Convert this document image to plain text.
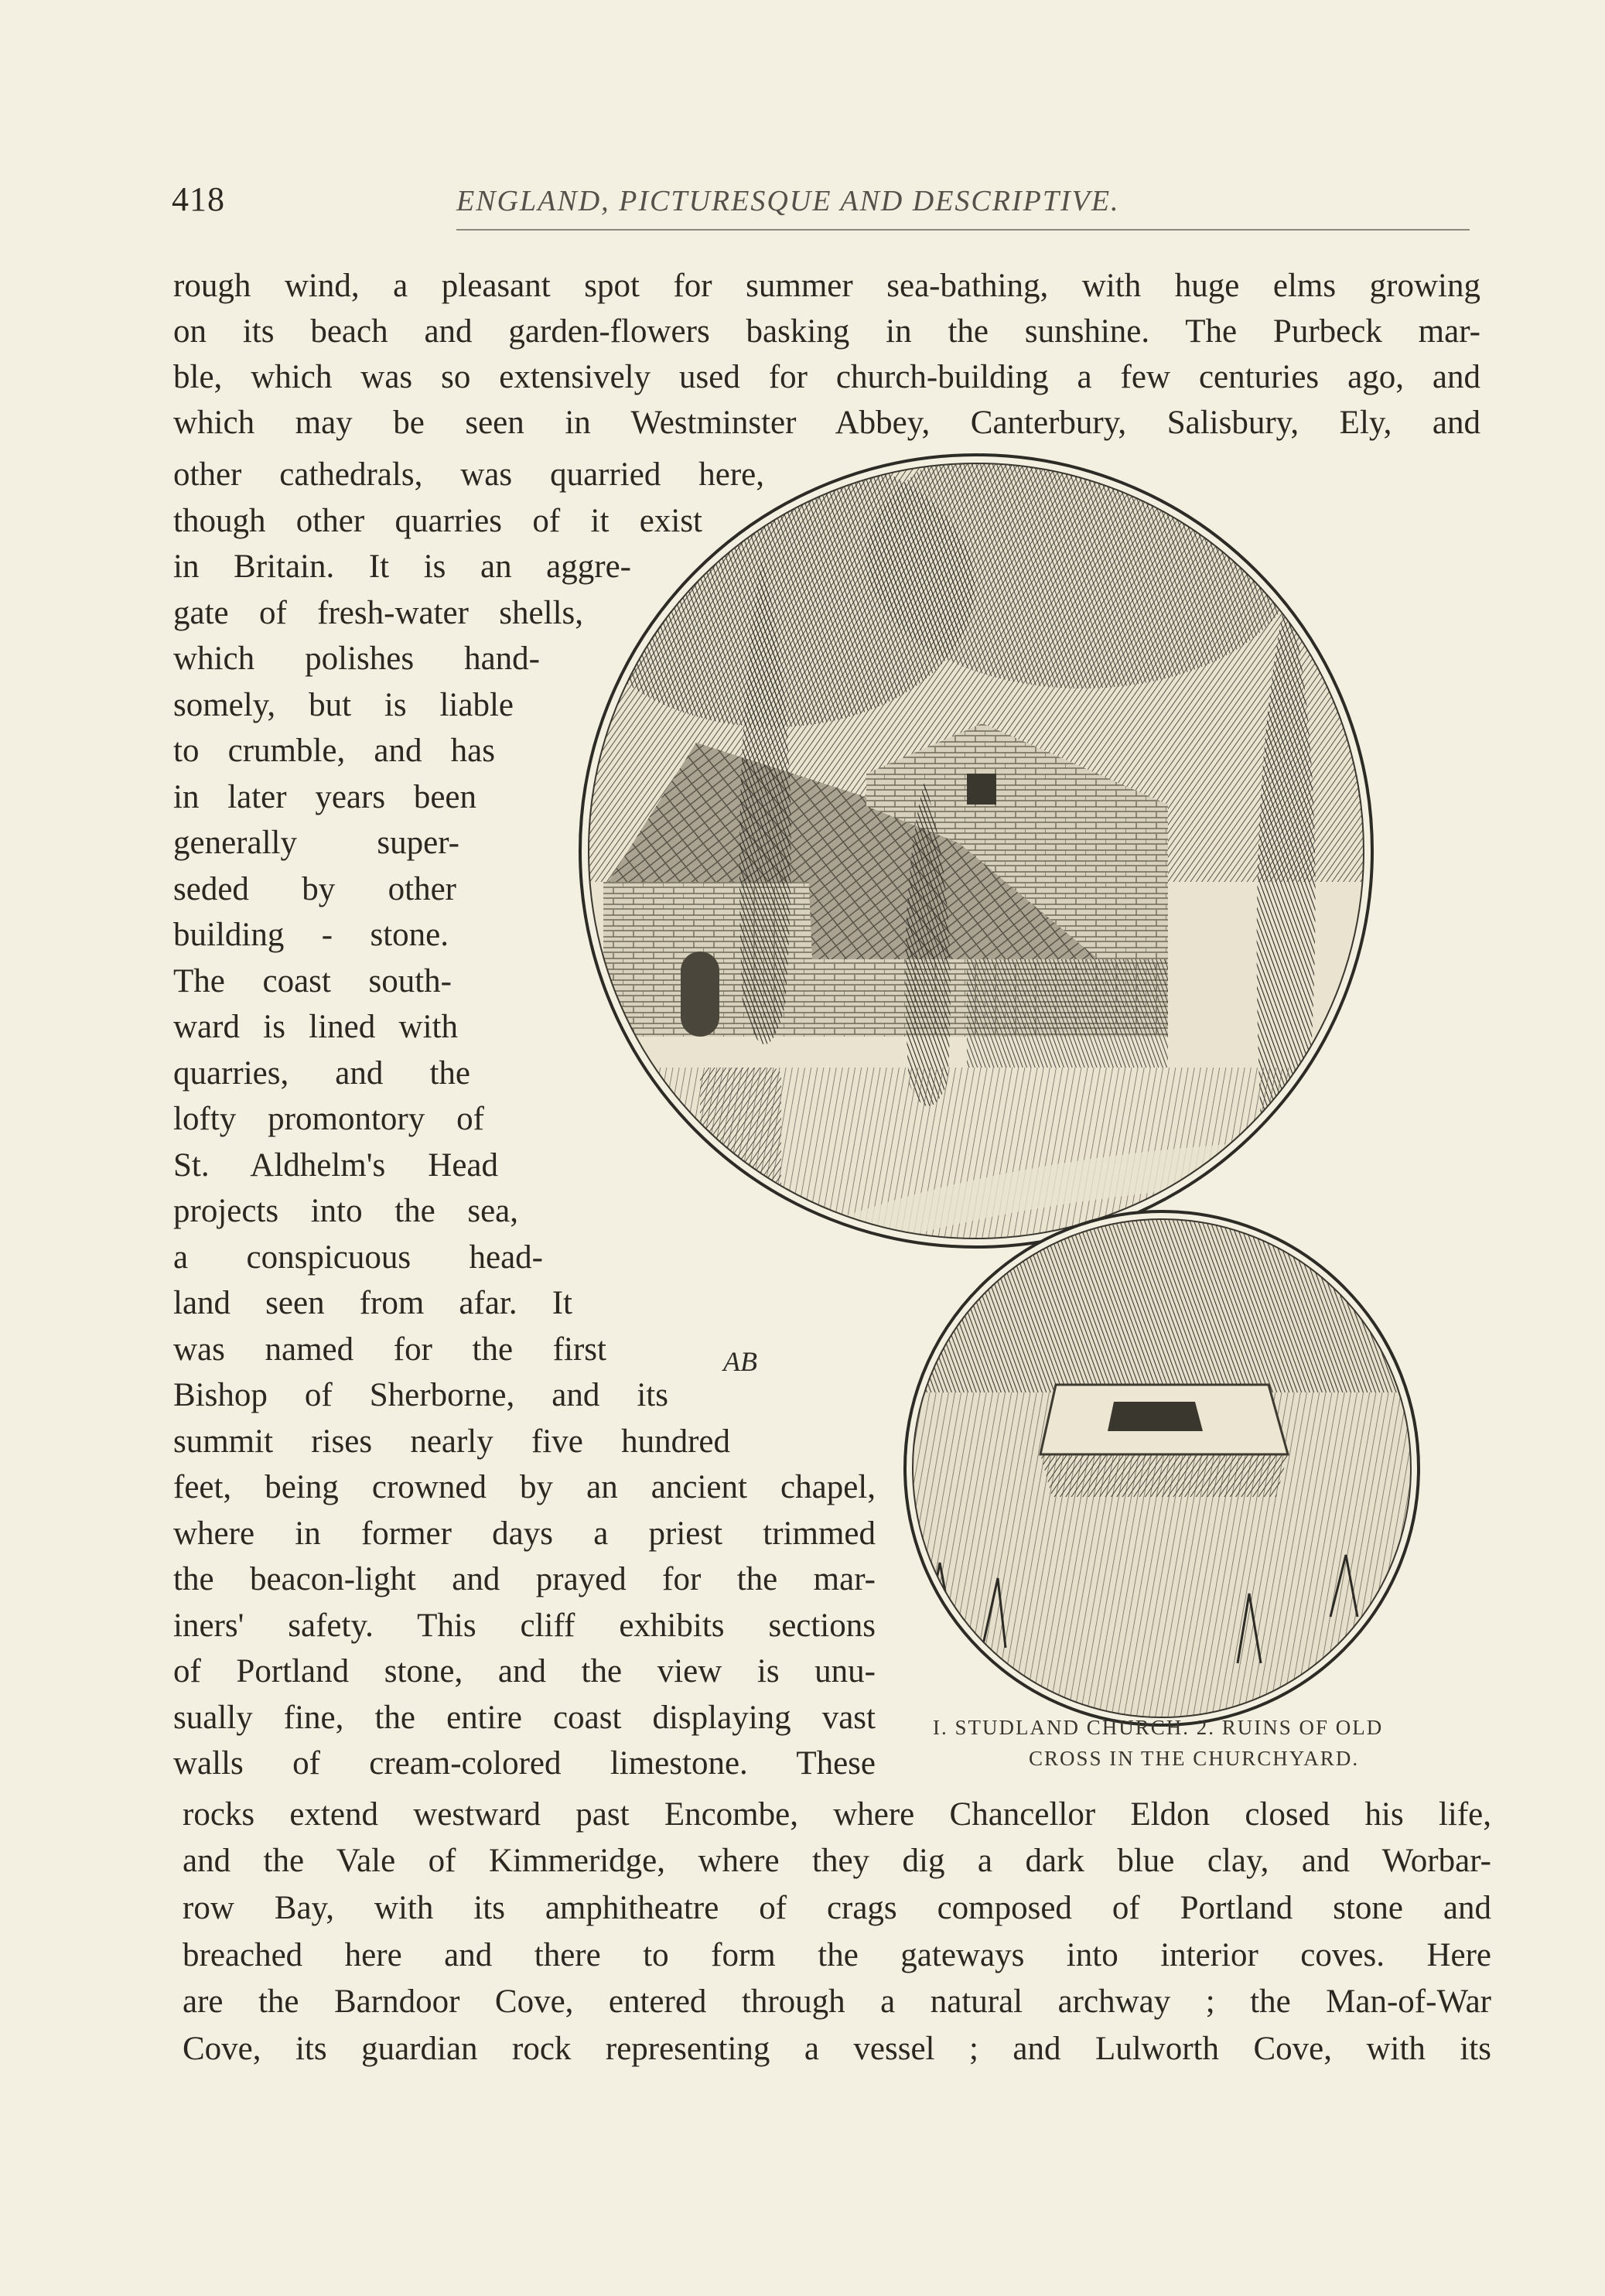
418	ENGLAND, PICTURESQUE AND DESCRIPTIVE.
AB
rough wind, a pleasant spot for summer sea-bathing, with huge elms growing
on its beach and garden-flowers basking in the sunshine. The Purbeck mar-
ble, which was so extensively used for church-building a few centuries ago, and
which may be seen in Westminster Abbey, Canterbury, Salisbury, Ely, and
other cathedrals, was quarried here,
though other quarries of it exist
in Britain. It is an aggre-
gate of fresh-water shells,
which polishes hand-
somely, but is liable
to crumble, and has
in later years been
generally super-
seded by other
building - stone.
The coast south-
ward is lined with
quarries, and the
lofty promontory of
St. Aldhelm's Head
projects into the sea,
a conspicuous head-
land seen from afar. It
was named for the first
Bishop of Sherborne, and its
summit rises nearly five hundred
feet, being crowned by an ancient chapel,
where in former days a priest trimmed
the beacon-light and prayed for the mar-
iners' safety. This cliff exhibits sections
of Portland stone, and the view is unu-
sually fine, the entire coast displaying vast
walls of cream-colored limestone. These
rocks extend westward past Encombe, where Chancellor Eldon closed his life,
and the Vale of Kimmeridge, where they dig a dark blue clay, and Worbar-
row Bay, with its amphitheatre of crags composed of Portland stone and
breached here and there to form the gateways into interior coves. Here
are the Barndoor Cove, entered through a natural archway ; the Man-of-War
Cove, its guardian rock representing a vessel ; and Lulworth Cove, with its
I. STUDLAND CHURCH. 2. RUINS OF OLD
CROSS IN THE CHURCHYARD.
